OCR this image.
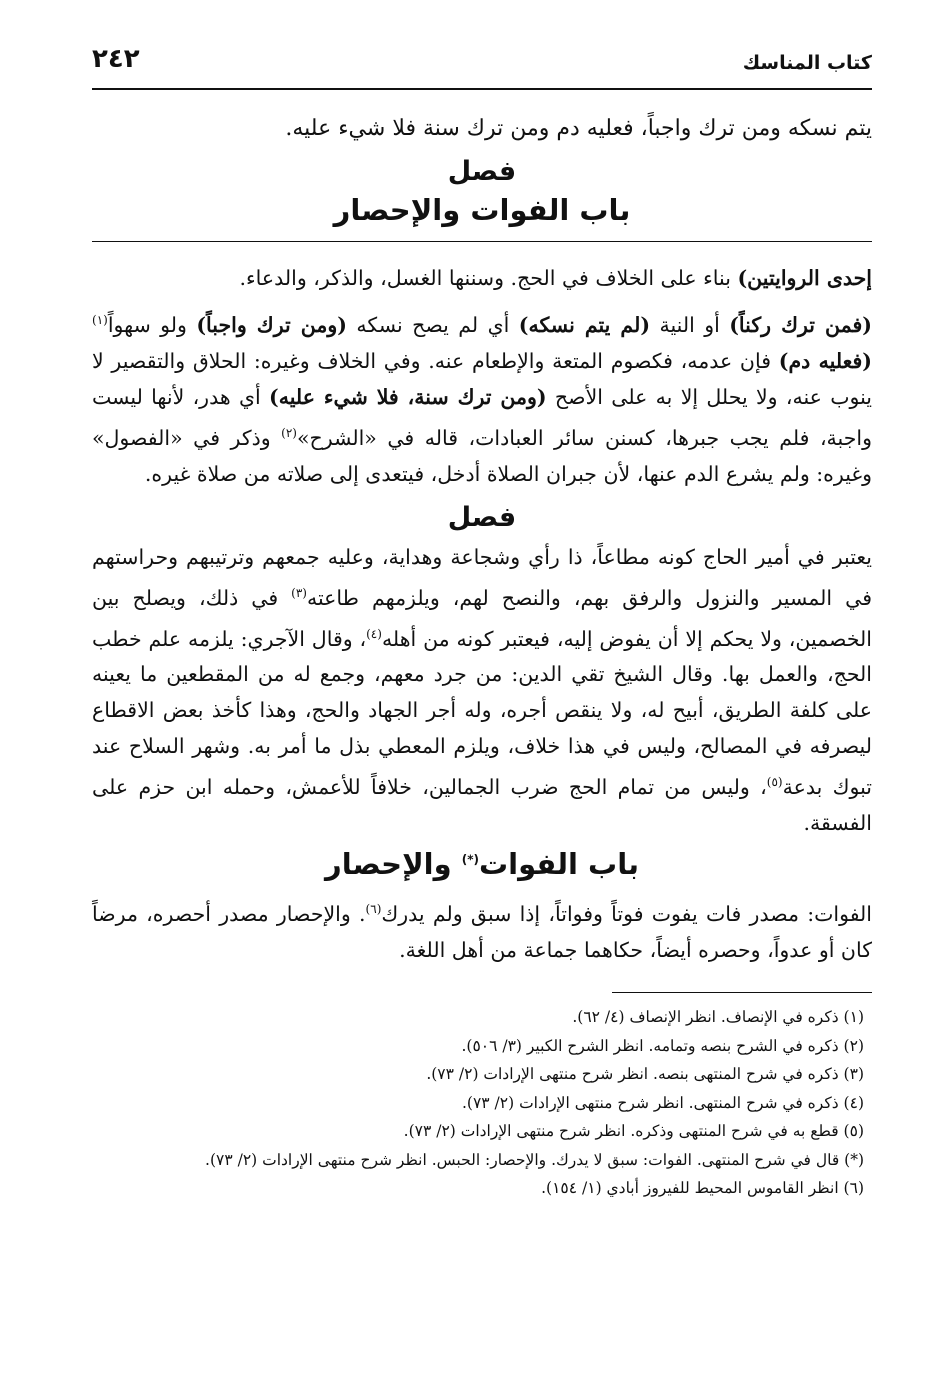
كتاب المناسك
٢٤٢
يتم نسكه ومن ترك واجباً، فعليه دم ومن ترك سنة فلا شيء عليه.
فصل
باب الفوات والإحصار

إحدى الروايتين) بناء على الخلاف في الحج. وسننها الغسل، والذكر، والدعاء.

(فمن ترك ركناً) أو النية (لم يتم نسكه) أي لم يصح نسكه (ومن ترك واجباً) ولو سهواً$^{(١)}$ (فعليه دم) فإن عدمه، فكصوم المتعة والإطعام عنه. وفي الخلاف وغيره: الحلاق والتقصير لا ينوب عنه، ولا يحلل إلا به على الأصح (ومن ترك سنة، فلا شيء عليه) أي هدر، لأنها ليست واجبة، فلم يجب جبرها، كسنن سائر العبادات، قاله في «الشرح»$^{(٢)}$ وذكر في «الفصول» وغيره: ولم يشرع الدم عنها، لأن جبران الصلاة أدخل، فيتعدى إلى صلاته من صلاة غيره.

فصل

يعتبر في أمير الحاج كونه مطاعاً، ذا رأي وشجاعة وهداية، وعليه جمعهم وترتيبهم وحراستهم في المسير والنزول والرفق بهم، والنصح لهم، ويلزمهم طاعته$^{(٣)}$ في ذلك، ويصلح بين الخصمين، ولا يحكم إلا أن يفوض إليه، فيعتبر كونه من أهله$^{(٤)}$، وقال الآجري: يلزمه علم خطب الحج، والعمل بها. وقال الشيخ تقي الدين: من جرد معهم، وجمع له من المقطعين ما يعينه على كلفة الطريق، أبيح له، ولا ينقص أجره، وله أجر الجهاد والحج، وهذا كأخذ بعض الاقطاع ليصرفه في المصالح، وليس في هذا خلاف، ويلزم المعطي بذل ما أمر به. وشهر السلاح عند تبوك بدعة$^{(٥)}$، وليس من تمام الحج ضرب الجمالين، خلافاً للأعمش، وحمله ابن حزم على الفسقة.

باب الفوات(*) والإحصار

الفوات: مصدر فات يفوت فوتاً وفواتاً، إذا سبق ولم يدرك$^{(٦)}$. والإحصار مصدر أحصره، مرضاً كان أو عدواً، وحصره أيضاً، حكاهما جماعة من أهل اللغة.

(١) ذكره في الإنصاف. انظر الإنصاف (٤/ ٦٢).

(٢) ذكره في الشرح بنصه وتمامه. انظر الشرح الكبير (٣/ ٥٠٦).

(٣) ذكره في شرح المنتهى بنصه. انظر شرح منتهى الإرادات (٢/ ٧٣).

(٤) ذكره في شرح المنتهى. انظر شرح منتهى الإرادات (٢/ ٧٣).

(٥) قطع به في شرح المنتهى وذكره. انظر شرح منتهى الإرادات (٢/ ٧٣).

(*) قال في شرح المنتهى. الفوات: سبق لا يدرك. والإحصار: الحبس. انظر شرح منتهى الإرادات (٢/ ٧٣).

(٦) انظر القاموس المحيط للفيروز أبادي (١/ ١٥٤).
